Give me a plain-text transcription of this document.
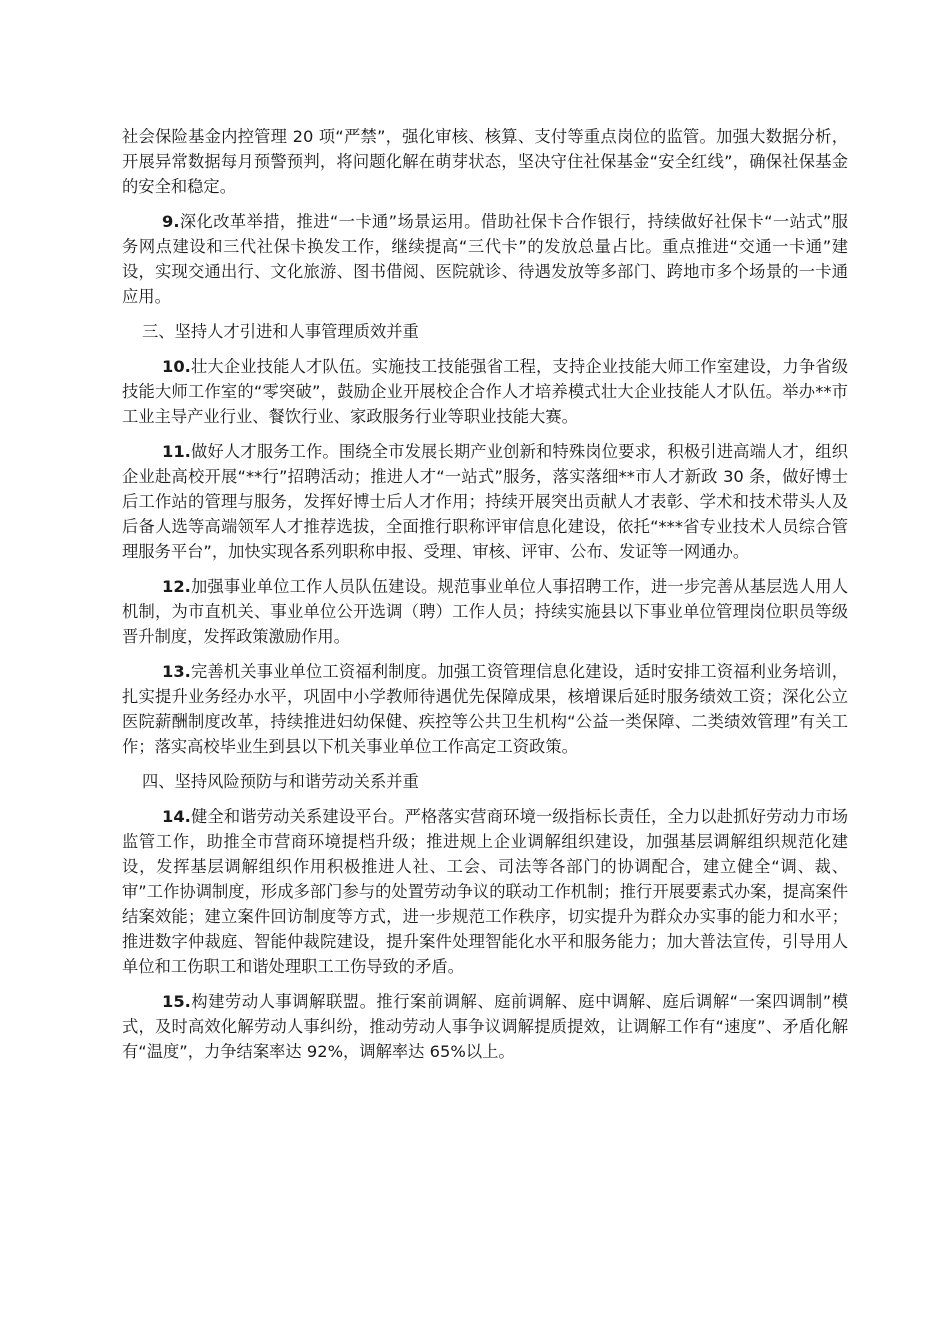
社会保险基金内控管理 20 项“严禁”，强化审核、核算、支付等重点岗位的监管。加强大数据分析，开展异常数据每月预警预判，将问题化解在萌芽状态，坚决守住社保基金“安全红线”，确保社保基金的安全和稳定。

9.深化改革举措，推进“一卡通”场景运用。借助社保卡合作银行，持续做好社保卡“一站式”服务网点建设和三代社保卡换发工作，继续提高“三代卡”的发放总量占比。重点推进“交通一卡通”建设，实现交通出行、文化旅游、图书借阅、医院就诊、待遇发放等多部门、跨地市多个场景的一卡通应用。

三、坚持人才引进和人事管理质效并重

10.壮大企业技能人才队伍。实施技工技能强省工程，支持企业技能大师工作室建设，力争省级技能大师工作室的“零突破”，鼓励企业开展校企合作人才培养模式壮大企业技能人才队伍。举办**市工业主导产业行业、餐饮行业、家政服务行业等职业技能大赛。

11.做好人才服务工作。围绕全市发展长期产业创新和特殊岗位要求，积极引进高端人才，组织企业赴高校开展“**行”招聘活动；推进人才“一站式”服务，落实落细**市人才新政 30 条，做好博士后工作站的管理与服务，发挥好博士后人才作用；持续开展突出贡献人才表彰、学术和技术带头人及后备人选等高端领军人才推荐选拔，全面推行职称评审信息化建设，依托“***省专业技术人员综合管理服务平台”，加快实现各系列职称申报、受理、审核、评审、公布、发证等一网通办。

12.加强事业单位工作人员队伍建设。规范事业单位人事招聘工作，进一步完善从基层选人用人机制，为市直机关、事业单位公开选调（聘）工作人员；持续实施县以下事业单位管理岗位职员等级晋升制度，发挥政策激励作用。

13.完善机关事业单位工资福利制度。加强工资管理信息化建设，适时安排工资福利业务培训，扎实提升业务经办水平，巩固中小学教师待遇优先保障成果，核增课后延时服务绩效工资；深化公立医院薪酬制度改革，持续推进妇幼保健、疾控等公共卫生机构“公益一类保障、二类绩效管理”有关工作；落实高校毕业生到县以下机关事业单位工作高定工资政策。

四、坚持风险预防与和谐劳动关系并重

14.健全和谐劳动关系建设平台。严格落实营商环境一级指标长责任，全力以赴抓好劳动力市场监管工作，助推全市营商环境提档升级；推进规上企业调解组织建设，加强基层调解组织规范化建设，发挥基层调解组织作用积极推进人社、工会、司法等各部门的协调配合，建立健全“调、裁、审”工作协调制度，形成多部门参与的处置劳动争议的联动工作机制；推行开展要素式办案，提高案件结案效能；建立案件回访制度等方式，进一步规范工作秩序，切实提升为群众办实事的能力和水平；推进数字仲裁庭、智能仲裁院建设，提升案件处理智能化水平和服务能力；加大普法宣传，引导用人单位和工伤职工和谐处理职工工伤导致的矛盾。

15.构建劳动人事调解联盟。推行案前调解、庭前调解、庭中调解、庭后调解“一案四调制”模式，及时高效化解劳动人事纠纷，推动劳动人事争议调解提质提效，让调解工作有“速度”、矛盾化解有“温度”，力争结案率达 92%，调解率达 65%以上。
